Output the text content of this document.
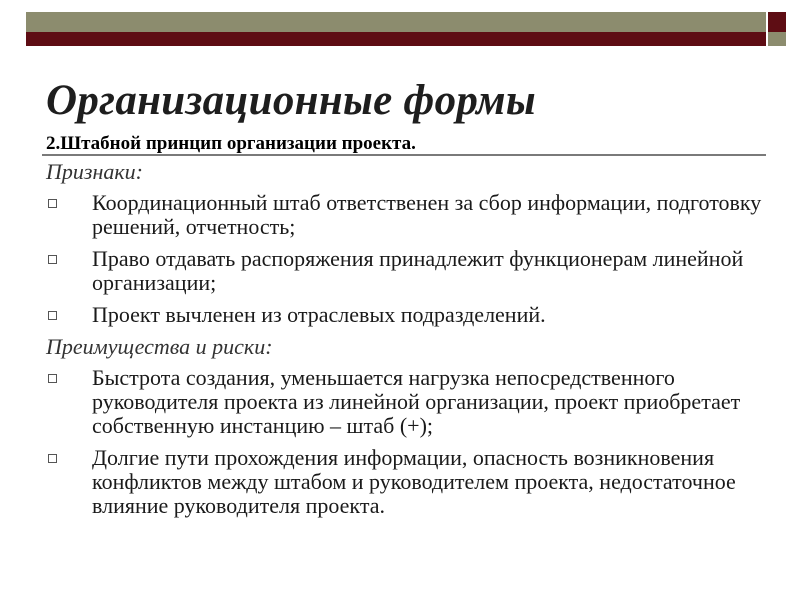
Организационные формы
2.Штабной принцип организации проекта.

Признаки:

Координационный штаб ответственен за сбор информации, подготовку решений, отчетность;
Право отдавать распоряжения принадлежит функционерам линейной организации;
Проект вычленен из отраслевых подразделений.

Преимущества и риски:

Быстрота создания, уменьшается нагрузка непосредственного руководителя проекта из линейной организации, проект приобретает собственную инстанцию – штаб (+);
Долгие пути прохождения информации, опасность возникновения конфликтов между штабом и руководителем проекта, недостаточное влияние руководителя проекта.
